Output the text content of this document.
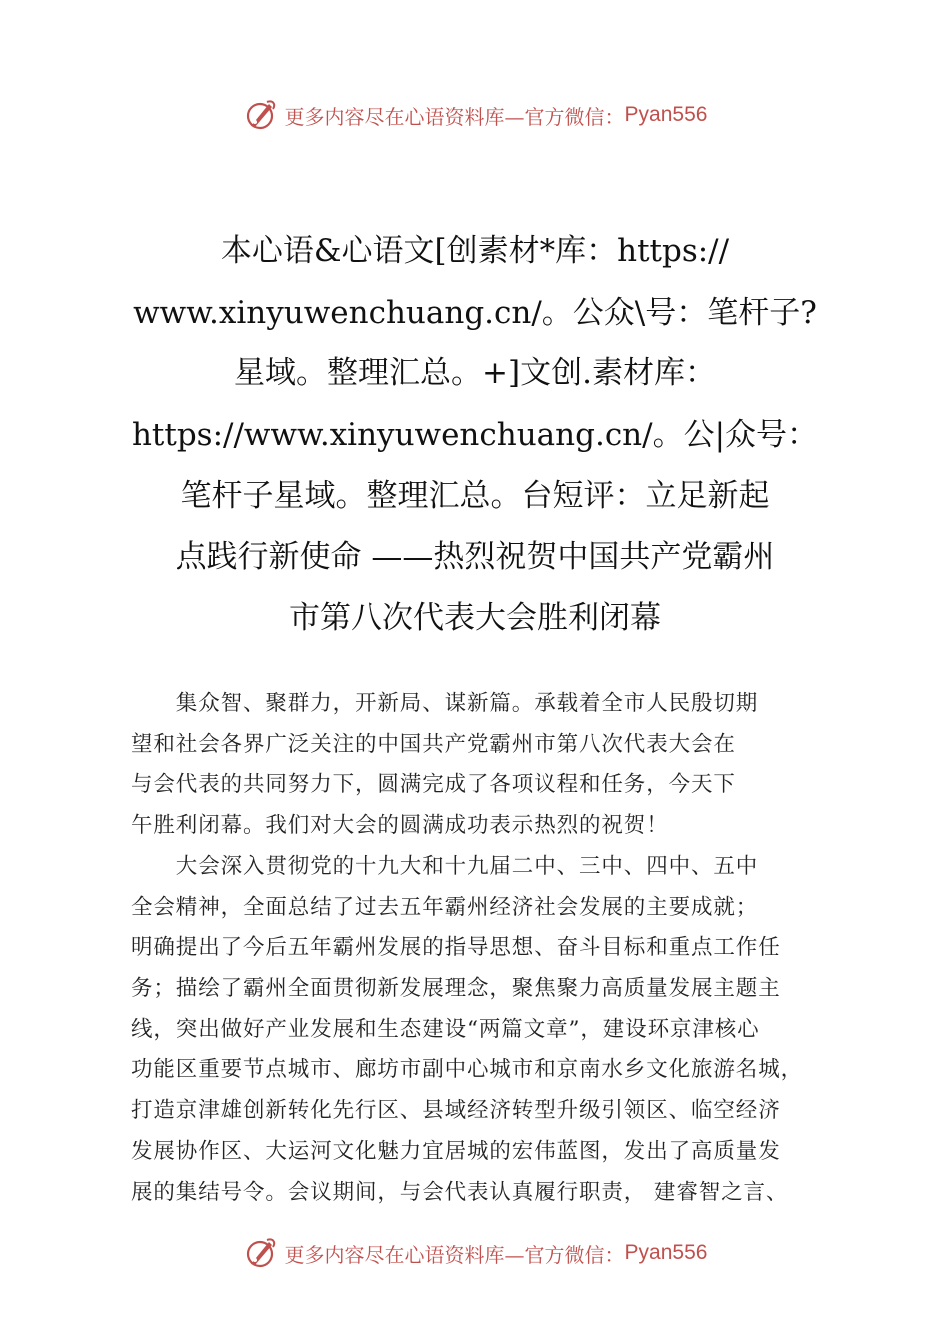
更多内容尽在心语资料库—官方微信： Pyan556
本心语&心语文[创素材*库：https://
www.xinyuwenchuang.cn/。公众\号：笔杆子?
星域。整理汇总。+]文创.素材库：
https://www.xinyuwenchuang.cn/。公|众号：
笔杆子星域。整理汇总。台短评：立足新起
点践行新使命 ——热烈祝贺中国共产党霸州
市第八次代表大会胜利闭幕
　　集众智、聚群力，开新局、谋新篇。承载着全市人民殷切期
望和社会各界广泛关注的中国共产党霸州市第八次代表大会在
与会代表的共同努力下，圆满完成了各项议程和任务，今天下
午胜利闭幕。我们对大会的圆满成功表示热烈的祝贺！
　　大会深入贯彻党的十九大和十九届二中、三中、四中、五中
全会精神，全面总结了过去五年霸州经济社会发展的主要成就；
明确提出了今后五年霸州发展的指导思想、奋斗目标和重点工作任
务；描绘了霸州全面贯彻新发展理念，聚焦聚力高质量发展主题主
线，突出做好产业发展和生态建设“两篇文章”，建设环京津核心
功能区重要节点城市、廊坊市副中心城市和京南水乡文化旅游名城，
打造京津雄创新转化先行区、县域经济转型升级引领区、临空经济
发展协作区、大运河文化魅力宜居城的宏伟蓝图，发出了高质量发
展的集结号令。会议期间，与会代表认真履行职责， 建睿智之言、
更多内容尽在心语资料库—官方微信： Pyan556
